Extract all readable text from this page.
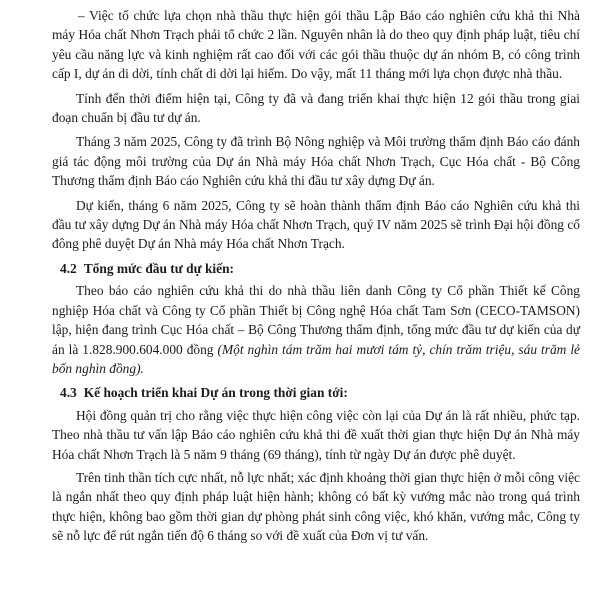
– Việc tổ chức lựa chọn nhà thầu thực hiện gói thầu Lập Báo cáo nghiên cứu khả thi Nhà máy Hóa chất Nhơn Trạch phải tổ chức 2 lần. Nguyên nhân là do theo quy định pháp luật, tiêu chí yêu cầu năng lực và kinh nghiệm rất cao đối với các gói thầu thuộc dự án nhóm B, có công trình cấp I, dự án di dời, tính chất di dời lại hiếm. Do vậy, mất 11 tháng mới lựa chọn được nhà thầu.

Tính đến thời điểm hiện tại, Công ty đã và đang triển khai thực hiện 12 gói thầu trong giai đoạn chuẩn bị đầu tư dự án.

Tháng 3 năm 2025, Công ty đã trình Bộ Nông nghiệp và Môi trường thẩm định Báo cáo đánh giá tác động môi trường của Dự án Nhà máy Hóa chất Nhơn Trạch, Cục Hóa chất - Bộ Công Thương thẩm định Báo cáo Nghiên cứu khả thi đầu tư xây dựng Dự án.

Dự kiến, tháng 6 năm 2025, Công ty sẽ hoàn thành thẩm định Báo cáo Nghiên cứu khả thi đầu tư xây dựng Dự án Nhà máy Hóa chất Nhơn Trạch, quý IV năm 2025 sẽ trình Đại hội đồng cổ đông phê duyệt Dự án Nhà máy Hóa chất Nhơn Trạch.

4.2 Tổng mức đầu tư dự kiến:

Theo báo cáo nghiên cứu khả thi do nhà thầu liên danh Công ty Cổ phần Thiết kế Công nghiệp Hóa chất và Công ty Cổ phần Thiết bị Công nghệ Hóa chất Tam Sơn (CECO-TAMSON) lập, hiện đang trình Cục Hóa chất – Bộ Công Thương thẩm định, tổng mức đầu tư dự kiến của dự án là 1.828.900.604.000 đồng (Một nghìn tám trăm hai mươi tám tỷ, chín trăm triệu, sáu trăm lẻ bốn nghìn đồng).

4.3 Kế hoạch triển khai Dự án trong thời gian tới:

Hội đồng quản trị cho rằng việc thực hiện công việc còn lại của Dự án là rất nhiều, phức tạp. Theo nhà thầu tư vấn lập Báo cáo nghiên cứu khả thi đề xuất thời gian thực hiện Dự án Nhà máy Hóa chất Nhơn Trạch là 5 năm 9 tháng (69 tháng), tính từ ngày Dự án được phê duyệt.

Trên tinh thần tích cực nhất, nỗ lực nhất; xác định khoảng thời gian thực hiện ở mỗi công việc là ngắn nhất theo quy định pháp luật hiện hành; không có bất kỳ vướng mắc nào trong quá trình thực hiện, không bao gồm thời gian dự phòng phát sinh công việc, khó khăn, vướng mắc, Công ty sẽ nỗ lực để rút ngắn tiến độ 6 tháng so với đề xuất của Đơn vị tư vấn.
